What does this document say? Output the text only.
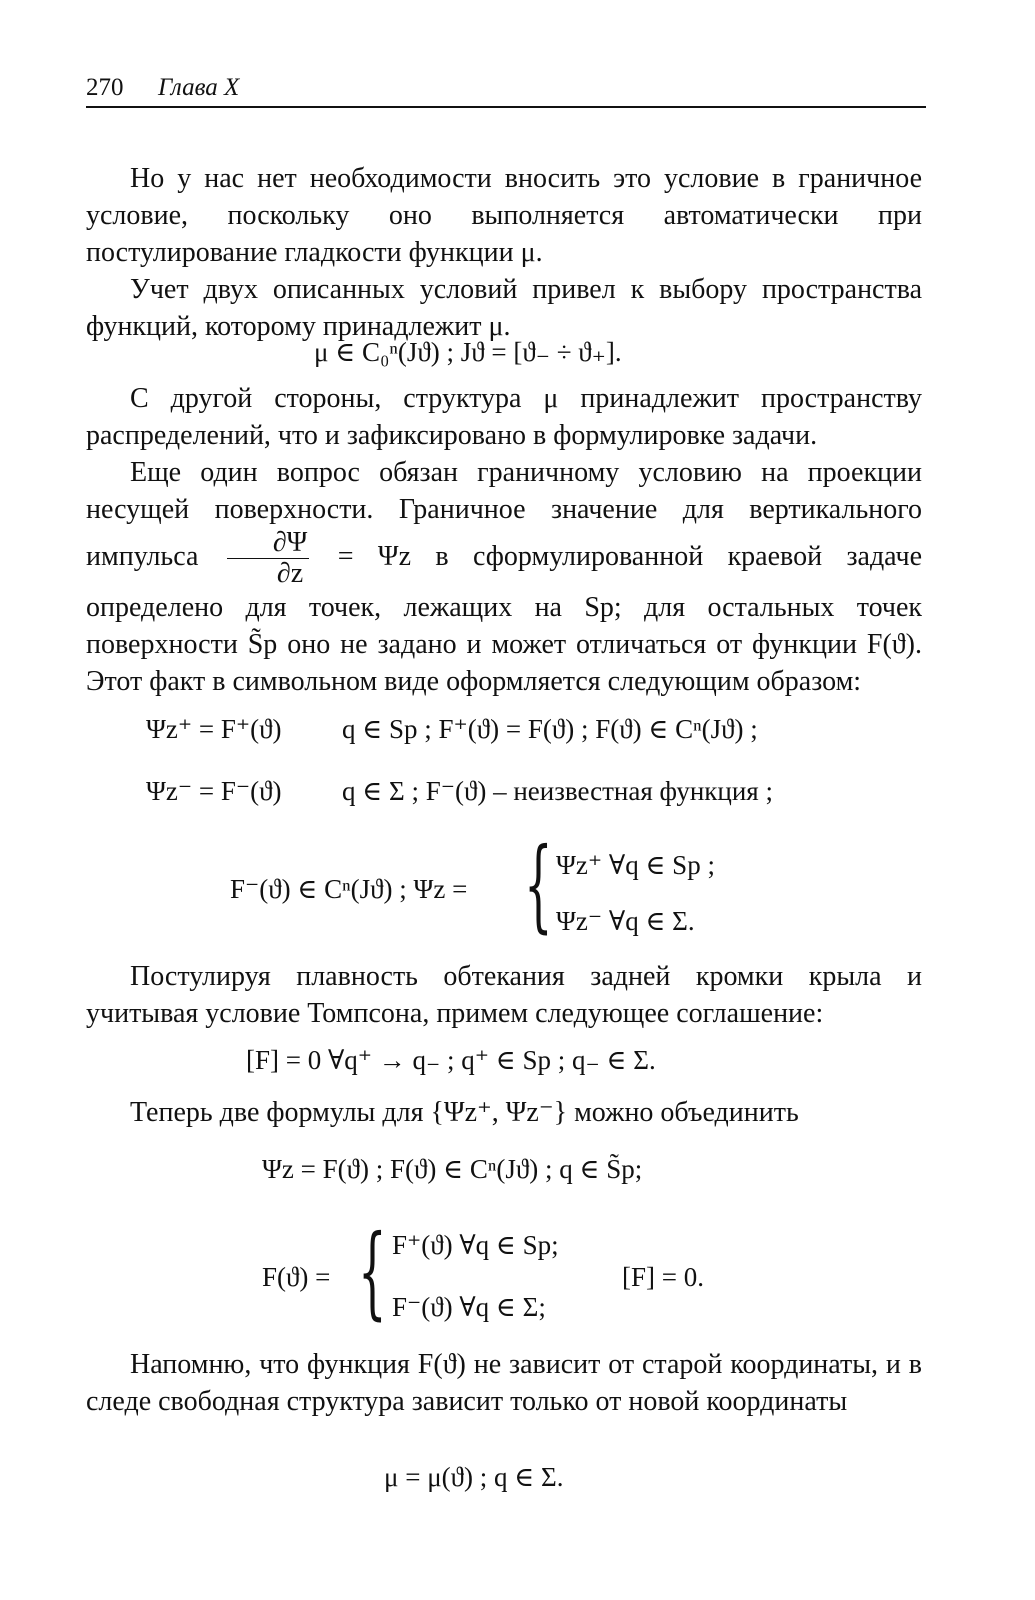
270 Глава X

Но у нас нет необходимости вносить это условие в граничное условие, поскольку оно выполняется автоматически при постулирование гладкости функции μ.

Учет двух описанных условий привел к выбору пространства функций, которому принадлежит μ.

μ ∈ C₀ⁿ(Jϑ) ; Jϑ = [ϑ₋ ÷ ϑ₊].

С другой стороны, структура μ принадлежит пространству распределений, что и зафиксировано в формулировке задачи.

Еще один вопрос обязан граничному условию на проекции несущей поверхности. Граничное значение для вертикального импульса $\frac{\partial\Psi}{\partial z} = \Psi z$ в сформулированной краевой задаче определено для точек, лежащих на Sp; для остальных точек поверхности S̃p оно не задано и может отличаться от функции F(ϑ). Этот факт в символьном виде оформляется следующим образом:

Ψz⁺ = F⁺(ϑ) q ∈ Sp ; F⁺(ϑ) = F(ϑ) ; F(ϑ) ∈ Cⁿ(Jϑ) ;
Ψz⁻ = F⁻(ϑ) q ∈ Σ ; F⁻(ϑ) – неизвестная функция ;
F⁻(ϑ) ∈ Cⁿ(Jϑ) ; Ψz = { Ψz⁺ ∀q ∈ Sp ;
Ψz⁻ ∀q ∈ Σ.

Постулируя плавность обтекания задней кромки крыла и учитывая условие Томпсона, примем следующее соглашение:

[F] = 0 ∀q⁺ → q₋ ; q⁺ ∈ Sp ; q₋ ∈ Σ.

Теперь две формулы для {Ψz⁺, Ψz⁻} можно объединить

Ψz = F(ϑ) ; F(ϑ) ∈ Cⁿ(Jϑ) ; q ∈ S̃p;
F(ϑ) = { F⁺(ϑ) ∀q ∈ Sp;
F⁻(ϑ) ∀q ∈ Σ;
[F] = 0.

Напомню, что функция F(ϑ) не зависит от старой координаты, и в следе свободная структура зависит только от новой координаты

μ = μ(ϑ) ; q ∈ Σ.
